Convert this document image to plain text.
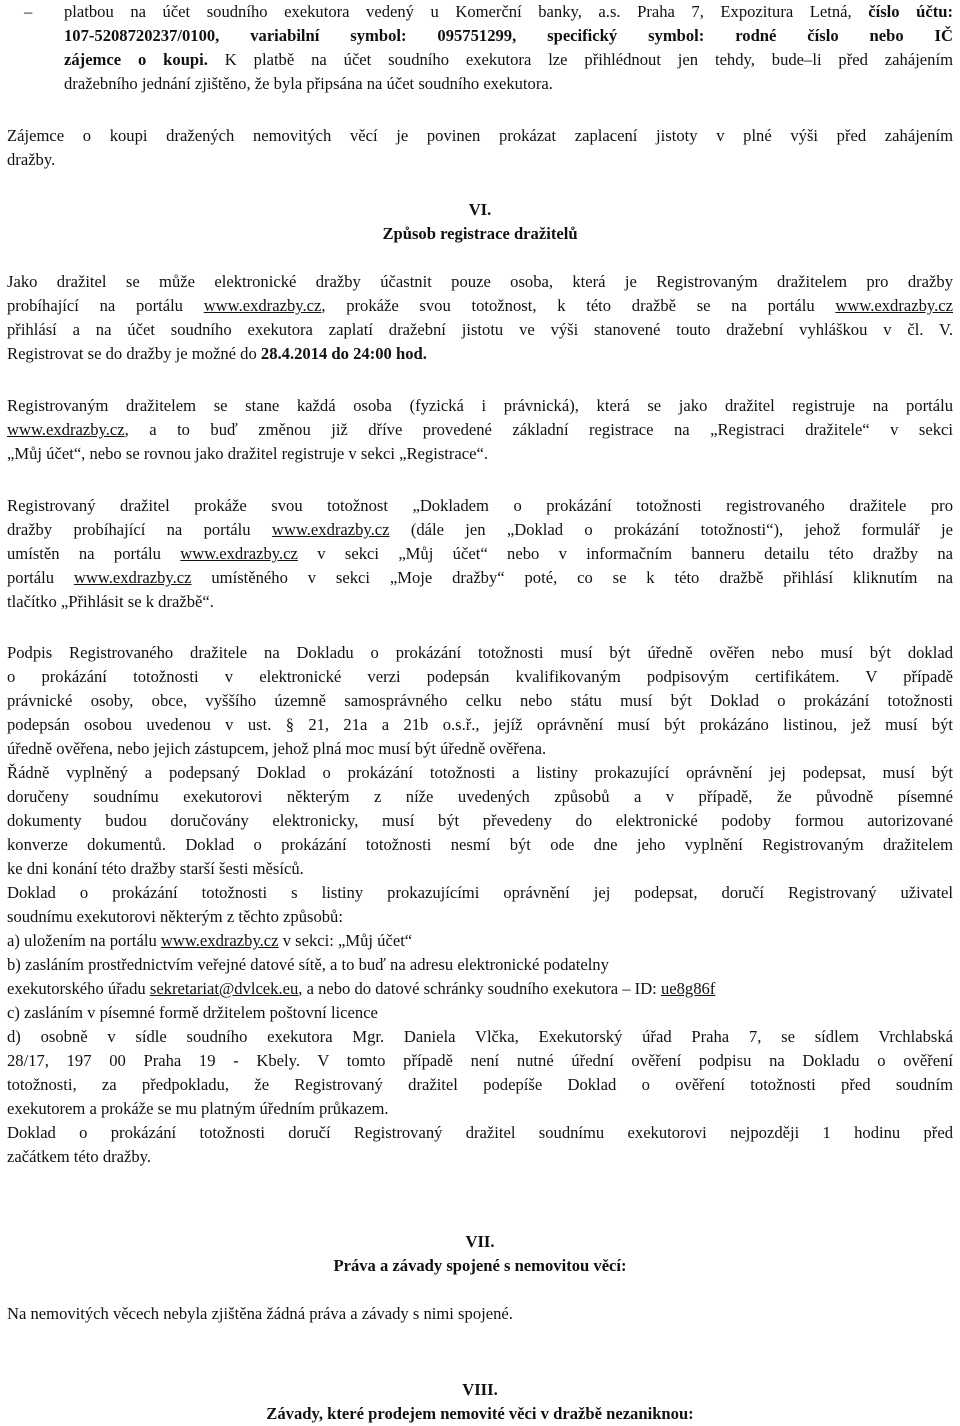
– platbou na účet soudního exekutora vedený u Komerční banky, a.s. Praha 7, Expozitura Letná, číslo účtu:
107-5208720237/0100, variabilní symbol: 095751299, specifický symbol: rodné číslo nebo IČ
zájemce o koupi. K platbě na účet soudního exekutora lze přihlédnout jen tehdy, bude–li před zahájením
dražebního jednání zjištěno, že byla připsána na účet soudního exekutora.
Zájemce o koupi dražených nemovitých věcí je povinen prokázat zaplacení jistoty v plné výši před zahájením
dražby.
VI.
Způsob registrace dražitelů
Jako dražitel se může elektronické dražby účastnit pouze osoba, která je Registrovaným dražitelem pro dražby
probíhající na portálu www.exdrazby.cz, prokáže svou totožnost, k této dražbě se na portálu www.exdrazby.cz
přihlásí a na účet soudního exekutora zaplatí dražební jistotu ve výši stanovené touto dražební vyhláškou v čl. V.
Registrovat se do dražby je možné do 28.4.2014 do 24:00 hod.
Registrovaným dražitelem se stane každá osoba (fyzická i právnická), která se jako dražitel registruje na portálu
www.exdrazby.cz, a to buď změnou již dříve provedené základní registrace na „Registraci dražitele“ v sekci
„Můj účet“, nebo se rovnou jako dražitel registruje v sekci „Registrace“.
Registrovaný dražitel prokáže svou totožnost „Dokladem o prokázání totožnosti registrovaného dražitele pro
dražby probíhající na portálu www.exdrazby.cz (dále jen „Doklad o prokázání totožnosti“), jehož formulář je
umístěn na portálu www.exdrazby.cz v sekci „Můj účet“ nebo v informačním banneru detailu této dražby na
portálu www.exdrazby.cz umístěného v sekci „Moje dražby“ poté, co se k této dražbě přihlásí kliknutím na
tlačítko „Přihlásit se k dražbě“.
Podpis Registrovaného dražitele na Dokladu o prokázání totožnosti musí být úředně ověřen nebo musí být doklad
o prokázání totožnosti v elektronické verzi podepsán kvalifikovaným podpisovým certifikátem. V případě
právnické osoby, obce, vyššího územně samosprávného celku nebo státu musí být Doklad o prokázání totožnosti
podepsán osobou uvedenou v ust. § 21, 21a a 21b o.s.ř., jejíž oprávnění musí být prokázáno listinou, jež musí být
úředně ověřena, nebo jejich zástupcem, jehož plná moc musí být úředně ověřena.
Řádně vyplněný a podepsaný Doklad o prokázání totožnosti a listiny prokazující oprávnění jej podepsat, musí být
doručeny soudnímu exekutorovi některým z níže uvedených způsobů a v případě, že původně písemné
dokumenty budou doručovány elektronicky, musí být převedeny do elektronické podoby formou autorizované
konverze dokumentů. Doklad o prokázání totožnosti nesmí být ode dne jeho vyplnění Registrovaným dražitelem
ke dni konání této dražby starší šesti měsíců.
Doklad o prokázání totožnosti s listiny prokazujícími oprávnění jej podepsat, doručí Registrovaný uživatel
soudnímu exekutorovi některým z těchto způsobů:
a) uložením na portálu www.exdrazby.cz v sekci: „Můj účet“
b) zasláním prostřednictvím veřejné datové sítě, a to buď na adresu elektronické podatelny
exekutorského úřadu sekretariat@dvlcek.eu, a nebo do datové schránky soudního exekutora – ID: ue8g86f
c) zasláním v písemné formě držitelem poštovní licence
d) osobně v sídle soudního exekutora Mgr. Daniela Vlčka, Exekutorský úřad Praha 7, se sídlem Vrchlabská
28/17, 197 00 Praha 19 - Kbely. V tomto případě není nutné úřední ověření podpisu na Dokladu o ověření
totožnosti, za předpokladu, že Registrovaný dražitel podepíše Doklad o ověření totožnosti před soudním
exekutorem a prokáže se mu platným úředním průkazem.
Doklad o prokázání totožnosti doručí Registrovaný dražitel soudnímu exekutorovi nejpozději 1 hodinu před
začátkem této dražby.
VII.
Práva a závady spojené s nemovitou věcí:
Na nemovitých věcech nebyla zjištěna žádná práva a závady s nimi spojené.
VIII.
Závady, které prodejem nemovité věci v dražbě nezaniknou:
